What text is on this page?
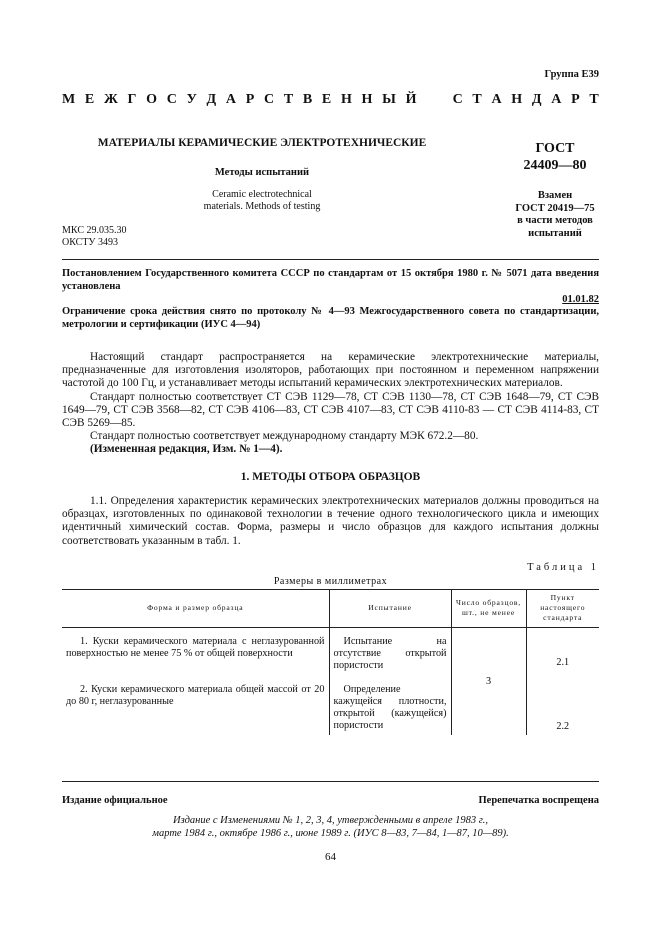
Группа Е39
М Е Ж Г О С У Д А Р С Т В Е Н Н Ы Й

	С Т А Н Д А Р Т
МАТЕРИАЛЫ КЕРАМИЧЕСКИЕ ЭЛЕКТРОТЕХНИЧЕСКИЕ
Методы испытаний
Ceramic electrotechnical
materials. Methods of testing
ГОСТ
24409—80
Взамен
ГОСТ 20419—75
в части методов
испытаний
МКС 29.035.30
ОКСТУ 3493
Постановлением Государственного комитета СССР по стандартам от 15 октября 1980 г. № 5071 дата введения установлена
01.01.82
Ограничение срока действия снято по протоколу № 4—93 Межгосударственного совета по стандартизации, метрологии и сертификации (ИУС 4—94)

Настоящий стандарт распространяется на керамические электротехнические материалы, предназначенные для изготовления изоляторов, работающих при постоянном и переменном напряжении частотой до 100 Гц, и устанавливает методы испытаний керамических электротехнических материалов.

Стандарт полностью соответствует СТ СЭВ 1129—78, СТ СЭВ 1130—78, СТ СЭВ 1648—79, СТ СЭВ 1649—79, СТ СЭВ 3568—82, СТ СЭВ 4106—83, СТ СЭВ 4107—83, СТ СЭВ 4110-83 — СТ СЭВ 4114-83, СТ СЭВ 5269—85.

Стандарт полностью соответствует международному стандарту МЭК 672.2—80.

(Измененная редакция, Изм. № 1—4).

1. МЕТОДЫ ОТБОРА ОБРАЗЦОВ

1.1. Определения характеристик керамических электротехнических материалов должны проводиться на образцах, изготовленных по одинаковой технологии в течение одного технологического цикла и имеющих идентичный химический состав. Форма, размеры и число образцов для каждого испытания должны соответствовать указанным в табл. 1.

Таблица 1
Размеры в миллиметрах
Форма и размер образца	Испытание	Число образцов, шт., не менее	Пункт настоящего стандарта
1. Куски керамического материала с неглазурованной поверхностью не менее 75 % от общей поверхности	Испытание на отсутствие открытой пористости	3	2.1
2. Куски керамического материала общей массой от 20 до 80 г, неглазурованные	Определение кажущейся плотности, открытой (кажущейся) пористости		2.2
Издание официальное	Перепечатка воспрещена
Издание с Изменениями № 1, 2, 3, 4, утвержденными в апреле 1983 г.,
марте 1984 г., октябре 1986 г., июне 1989 г. (ИУС 8—83, 7—84, 1—87, 10—89).
64
